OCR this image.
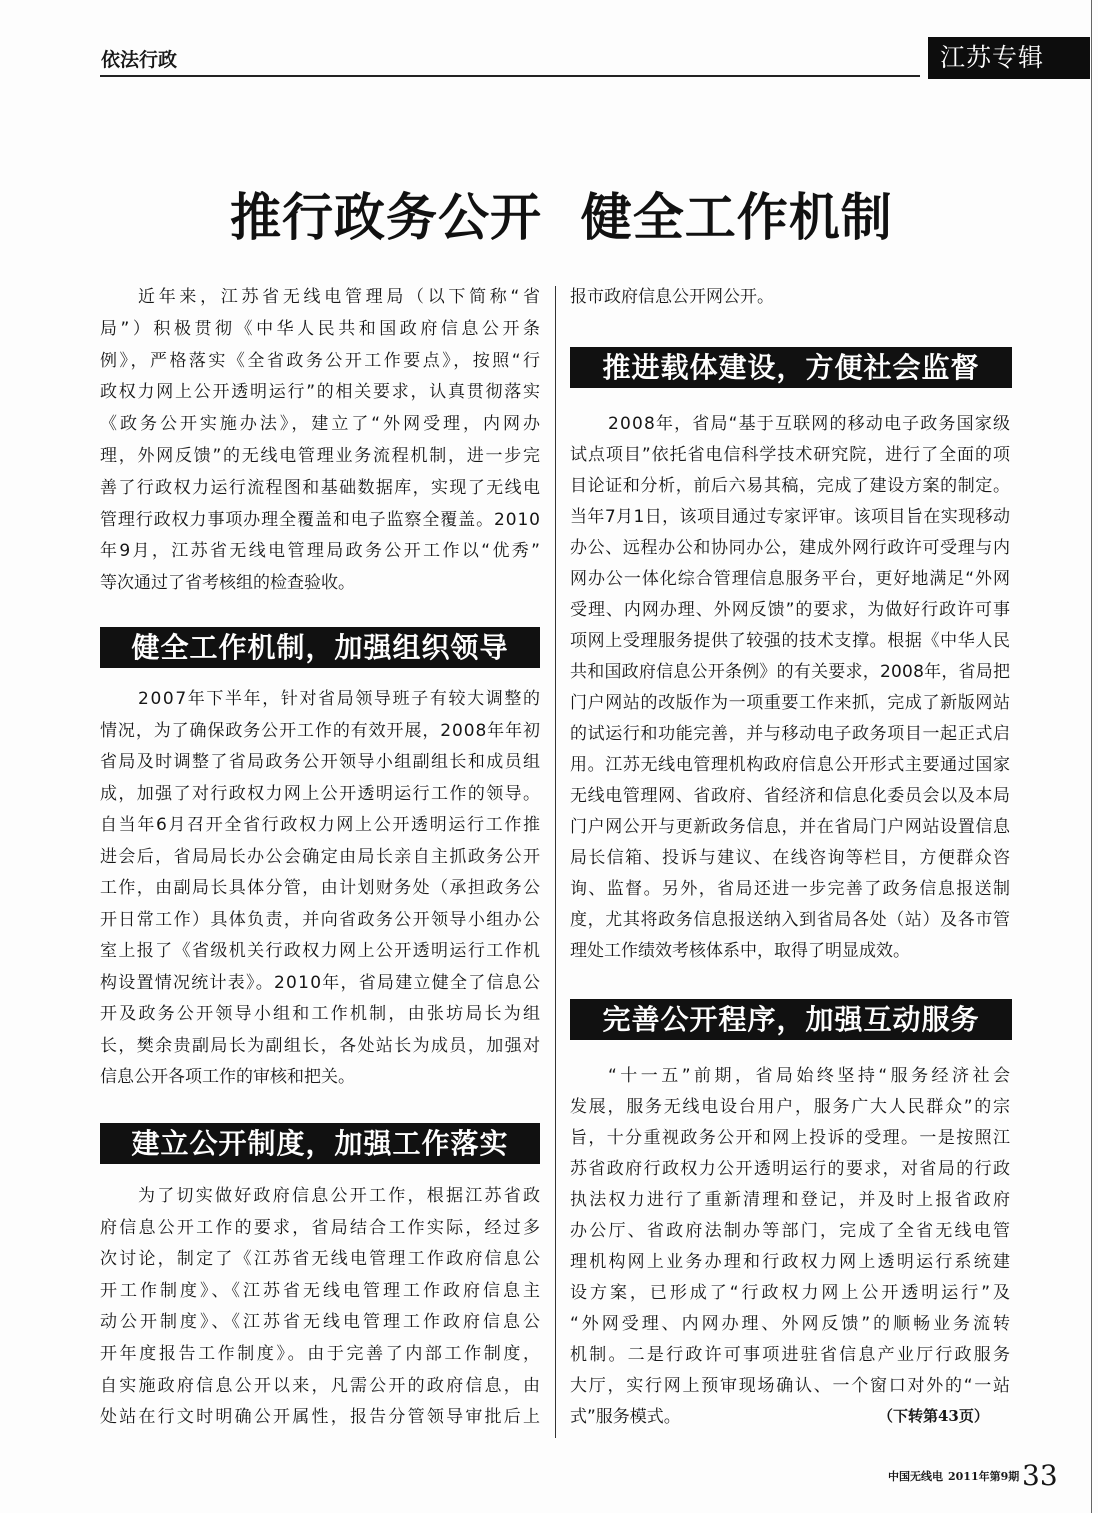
依法行政	江苏专辑
推行政务公开 健全工作机制
近年来，江苏省无线电管理局（以下简称“省
局”）积极贯彻《中华人民共和国政府信息公开条
例》，严格落实《全省政务公开工作要点》，按照“行
政权力网上公开透明运行”的相关要求，认真贯彻落实
《政务公开实施办法》，建立了“外网受理，内网办
理，外网反馈”的无线电管理业务流程机制，进一步完
善了行政权力运行流程图和基础数据库，实现了无线电
管理行政权力事项办理全覆盖和电子监察全覆盖。2010
年9月，江苏省无线电管理局政务公开工作以“优秀”
等次通过了省考核组的检查验收。
健全工作机制，加强组织领导
2007年下半年，针对省局领导班子有较大调整的
情况，为了确保政务公开工作的有效开展，2008年年初
省局及时调整了省局政务公开领导小组副组长和成员组
成，加强了对行政权力网上公开透明运行工作的领导。
自当年6月召开全省行政权力网上公开透明运行工作推
进会后，省局局长办公会确定由局长亲自主抓政务公开
工作，由副局长具体分管，由计划财务处（承担政务公
开日常工作）具体负责，并向省政务公开领导小组办公
室上报了《省级机关行政权力网上公开透明运行工作机
构设置情况统计表》。2010年，省局建立健全了信息公
开及政务公开领导小组和工作机制，由张坊局长为组
长，樊余贵副局长为副组长，各处站长为成员，加强对
信息公开各项工作的审核和把关。
建立公开制度，加强工作落实
为了切实做好政府信息公开工作，根据江苏省政
府信息公开工作的要求，省局结合工作实际，经过多
次讨论，制定了《江苏省无线电管理工作政府信息公
开工作制度》、《江苏省无线电管理工作政府信息主
动公开制度》、《江苏省无线电管理工作政府信息公
开年度报告工作制度》。由于完善了内部工作制度，
自实施政府信息公开以来，凡需公开的政府信息，由
处站在行文时明确公开属性，报告分管领导审批后上
报市政府信息公开网公开。
推进载体建设，方便社会监督
2008年，省局“基于互联网的移动电子政务国家级
试点项目”依托省电信科学技术研究院，进行了全面的项
目论证和分析，前后六易其稿，完成了建设方案的制定。
当年7月1日，该项目通过专家评审。该项目旨在实现移动
办公、远程办公和协同办公，建成外网行政许可受理与内
网办公一体化综合管理信息服务平台，更好地满足“外网
受理、内网办理、外网反馈”的要求，为做好行政许可事
项网上受理服务提供了较强的技术支撑。根据《中华人民
共和国政府信息公开条例》的有关要求，2008年，省局把
门户网站的改版作为一项重要工作来抓，完成了新版网站
的试运行和功能完善，并与移动电子政务项目一起正式启
用。江苏无线电管理机构政府信息公开形式主要通过国家
无线电管理网、省政府、省经济和信息化委员会以及本局
门户网公开与更新政务信息，并在省局门户网站设置信息
局长信箱、投诉与建议、在线咨询等栏目，方便群众咨
询、监督。另外，省局还进一步完善了政务信息报送制
度，尤其将政务信息报送纳入到省局各处（站）及各市管
理处工作绩效考核体系中，取得了明显成效。
完善公开程序，加强互动服务
“十一五”前期，省局始终坚持“服务经济社会
发展，服务无线电设台用户，服务广大人民群众”的宗
旨，十分重视政务公开和网上投诉的受理。一是按照江
苏省政府行政权力公开透明运行的要求，对省局的行政
执法权力进行了重新清理和登记，并及时上报省政府
办公厅、省政府法制办等部门，完成了全省无线电管
理机构网上业务办理和行政权力网上透明运行系统建
设方案，已形成了“行政权力网上公开透明运行”及
“外网受理、内网办理、外网反馈”的顺畅业务流转
机制。二是行政许可事项进驻省信息产业厅行政服务
大厅，实行网上预审现场确认、一个窗口对外的“一站
式”服务模式。	（下转第43页）
中国无线电 2011年第9期 33
